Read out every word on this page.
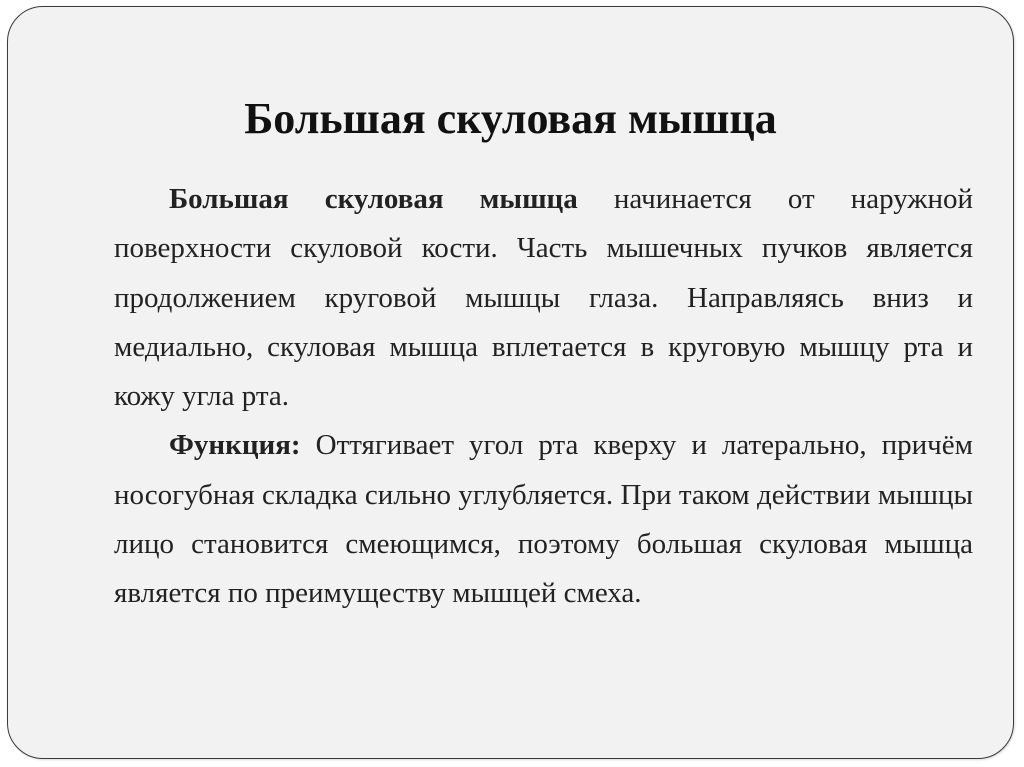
Большая скуловая мышца

Большая скуловая мышца начинается от наружной поверхности скуловой кости. Часть мышечных пучков является продолжением круговой мышцы глаза. Направляясь вниз и медиально, скуловая мышца вплетается в круговую мышцу рта и кожу угла рта.

Функция: Оттягивает угол рта кверху и латерально, причём носогубная складка сильно углубляется. При таком действии мышцы лицо становится смеющимся, поэтому большая скуловая мышца является по преимуществу мышцей смеха.
